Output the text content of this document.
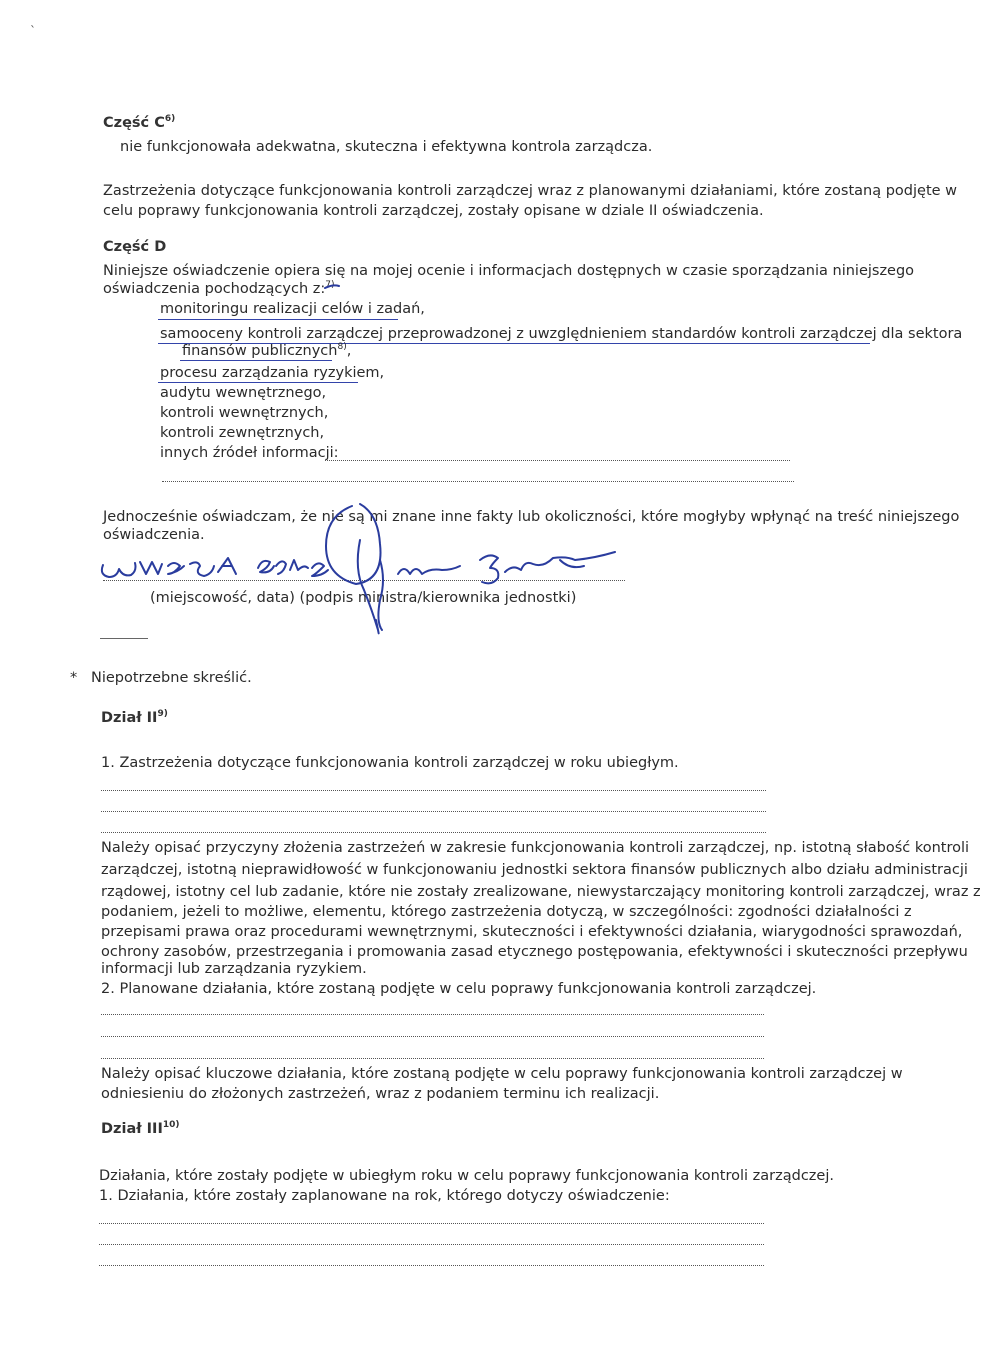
`
Część $C^{6)}$
nie funkcjonowała adekwatna, skuteczna i efektywna kontrola zarządcza.
Zastrzeżenia dotyczące funkcjonowania kontroli zarządczej wraz z planowanymi działaniami, które zostaną podjęte w
celu poprawy funkcjonowania kontroli zarządczej, zostały opisane w dziale II oświadczenia.
Część D
Niniejsze oświadczenie opiera się na mojej ocenie i informacjach dostępnych w czasie sporządzania niniejszego
oświadczenia pochodzących z:$^{7)}$
monitoringu realizacji celów i zadań,
samooceny kontroli zarządczej przeprowadzonej z uwzględnieniem standardów kontroli zarządczej dla sektora
finansów publicznych$^{8)}$,
procesu zarządzania ryzykiem,
audytu wewnętrznego,
kontroli wewnętrznych,
kontroli zewnętrznych,
innych źródeł informacji:
Jednocześnie oświadczam, że nie są mi znane inne fakty lub okoliczności, które mogłyby wpłynąć na treść niniejszego
oświadczenia.
(miejscowość, data) (podpis ministra/kierownika jednostki)
* Niepotrzebne skreślić.
Dział II$^{9)}$
1. Zastrzeżenia dotyczące funkcjonowania kontroli zarządczej w roku ubiegłym.
Należy opisać przyczyny złożenia zastrzeżeń w zakresie funkcjonowania kontroli zarządczej, np. istotną słabość kontroli
zarządczej, istotną nieprawidłowość w funkcjonowaniu jednostki sektora finansów publicznych albo działu administracji
rządowej, istotny cel lub zadanie, które nie zostały zrealizowane, niewystarczający monitoring kontroli zarządczej, wraz z
podaniem, jeżeli to możliwe, elementu, którego zastrzeżenia dotyczą, w szczególności: zgodności działalności z
przepisami prawa oraz procedurami wewnętrznymi, skuteczności i efektywności działania, wiarygodności sprawozdań,
ochrony zasobów, przestrzegania i promowania zasad etycznego postępowania, efektywności i skuteczności przepływu
informacji lub zarządzania ryzykiem.
2. Planowane działania, które zostaną podjęte w celu poprawy funkcjonowania kontroli zarządczej.
Należy opisać kluczowe działania, które zostaną podjęte w celu poprawy funkcjonowania kontroli zarządczej w
odniesieniu do złożonych zastrzeżeń, wraz z podaniem terminu ich realizacji.
Dział III$^{10)}$
Działania, które zostały podjęte w ubiegłym roku w celu poprawy funkcjonowania kontroli zarządczej.
1. Działania, które zostały zaplanowane na rok, którego dotyczy oświadczenie:
